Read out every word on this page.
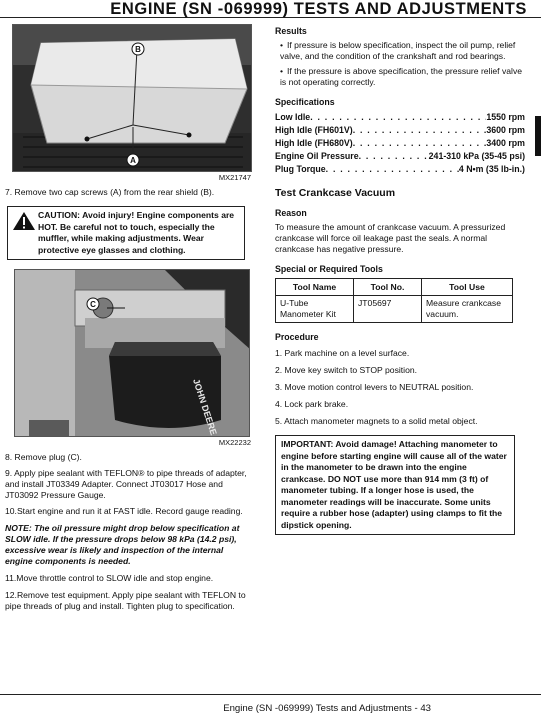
ENGINE (SN -069999) TESTS AND ADJUSTMENTS
B
A
MX21747

7. Remove two cap screws (A) from the rear shield (B).

CAUTION: Avoid injury! Engine components are HOT. Be careful not to touch, especially the muffler, while making adjustments. Wear protective eye glasses and clothing.
JOHN DEERE
C
MX22232

8. Remove plug (C).

9. Apply pipe sealant with TEFLON® to pipe threads of adapter, and install JT03349 Adapter. Connect JT03017 Hose and JT03092 Pressure Gauge.

10.Start engine and run it at FAST idle. Record gauge reading.

NOTE: The oil pressure might drop below specification at SLOW idle. If the pressure drops below 98 kPa (14.2 psi), excessive wear is likely and inspection of the internal engine components is needed.

11.Move throttle control to SLOW idle and stop engine.

12.Remove test equipment. Apply pipe sealant with TEFLON to pipe threads of plug and install. Tighten plug to specification.

Results
• If pressure is below specification, inspect the oil pump, relief valve, and the condition of the crankshaft and rod bearings.
• If the pressure is above specification, the pressure relief valve is not operating correctly.
Specifications
Low Idle . . .	1550 rpm
High Idle (FH601V) . . .	3600 rpm
High Idle (FH680V) . . .	3400 rpm
Engine Oil Pressure . . .	241-310 kPa (35-45 psi)
Plug Torque . . .	4 N•m (35 lb-in.)
Test Crankcase Vacuum
Reason

To measure the amount of crankcase vacuum. A pressurized crankcase will force oil leakage past the seals. A normal crankcase has negative pressure.

Special or Required Tools
Tool Name	Tool No.	Tool Use
U-Tube Manometer Kit	JT05697	Measure crankcase vacuum.
Procedure
1. Park machine on a level surface.
2. Move key switch to STOP position.
3. Move motion control levers to NEUTRAL position.
4. Lock park brake.
5. Attach manometer magnets to a solid metal object.
IMPORTANT: Avoid damage! Attaching manometer to engine before starting engine will cause all of the water in the manometer to be drawn into the engine crankcase. DO NOT use more than 914 mm (3 ft) of manometer tubing. If a longer hose is used, the manometer readings will be inaccurate. Some units require a rubber hose (adapter) using clamps to fit the dipstick opening.
Engine (SN -069999) Tests and Adjustments - 43
